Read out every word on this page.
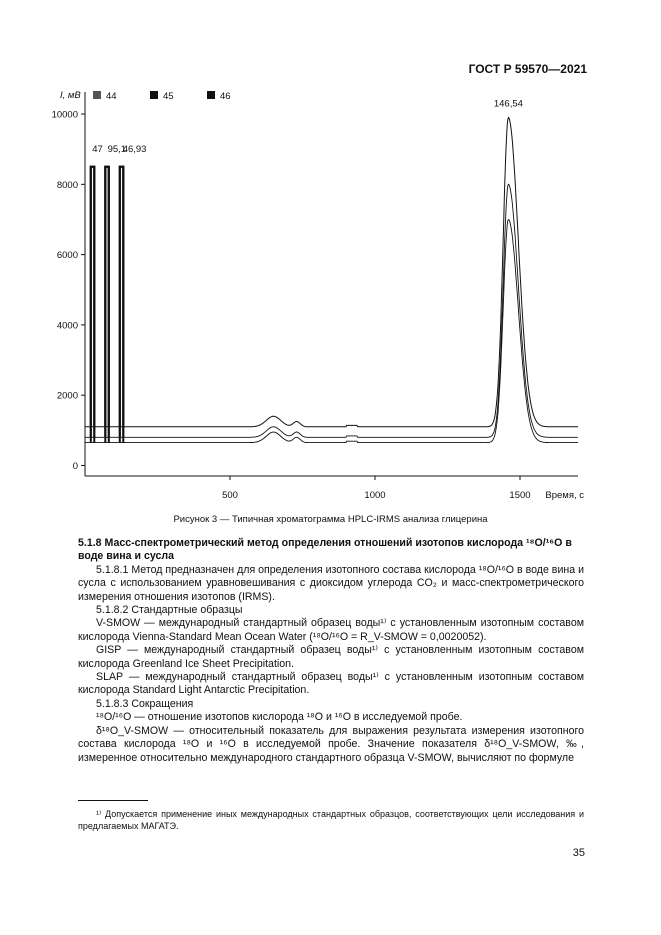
ГОСТ Р 59570—2021
0
2000
4000
6000
8000
10000
500	1000	1500
I, мВ
Время, с
44	45	46
47 95,1
46,93
146,54
Рисунок 3 — Типичная хроматограмма HPLC-IRMS анализа глицерина
5.1.8 Масс-спектрометрический метод определения отношений изотопов кислорода ¹⁸O/¹⁶O в воде вина и сусла

5.1.8.1 Метод предназначен для определения изотопного состава кислорода ¹⁸O/¹⁶O в воде вина и сусла с использованием уравновешивания с диоксидом углерода CO₂ и масс-спектрометрического измерения отношения изотопов (IRMS).

5.1.8.2 Стандартные образцы

V-SMOW — международный стандартный образец воды¹⁾ с установленным изотопным составом кислорода Vienna-Standard Mean Ocean Water (¹⁸O/¹⁶O = R_V-SMOW = 0,0020052).

GISP — международный стандартный образец воды¹⁾ с установленным изотопным составом кислорода Greenland Ice Sheet Precipitation.

SLAP — международный стандартный образец воды¹⁾ с установленным изотопным составом кислорода Standard Light Antarctic Precipitation.

5.1.8.3 Сокращения

¹⁸O/¹⁶O — отношение изотопов кислорода ¹⁸O и ¹⁶O в исследуемой пробе.

δ¹⁸O_V-SMOW — относительный показатель для выражения результата измерения изотопного состава кислорода ¹⁸O и ¹⁶O в исследуемой пробе. Значение показателя δ¹⁸O_V-SMOW, ‰, измеренное относительно международного стандартного образца V-SMOW, вычисляют по формуле

¹⁾ Допускается применение иных международных стандартных образцов, соответствующих цели исследования и предлагаемых МАГАТЭ.
35
